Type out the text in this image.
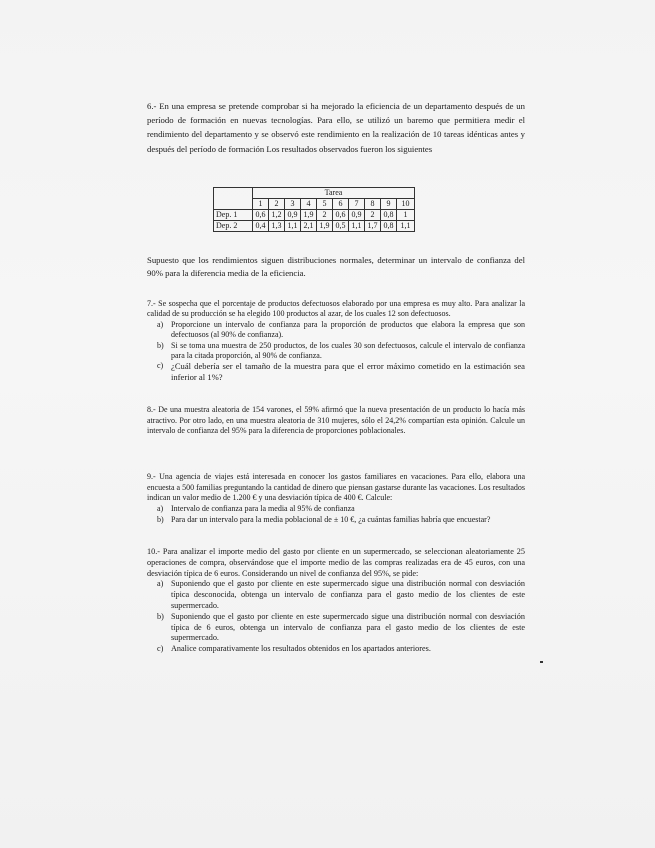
6.- En una empresa se pretende comprobar si ha mejorado la eficiencia de un departamento después de un período de formación en nuevas tecnologías. Para ello, se utilizó un baremo que permitiera medir el rendimiento del departamento y se observó este rendimiento en la realización de 10 tareas idénticas antes y después del período de formación Los resultados observados fueron los siguientes

	Tarea									
	1	2	3	4	5	6	7	8	9	10
Dep. 1	0,6	1,2	0,9	1,9	2	0,6	0,9	2	0,8	1
Dep. 2	0,4	1,3	1,1	2,1	1,9	0,5	1,1	1,7	0,8	1,1

Supuesto que los rendimientos siguen distribuciones normales, determinar un intervalo de confianza del 90% para la diferencia media de la eficiencia.

7.- Se sospecha que el porcentaje de productos defectuosos elaborado por una empresa es muy alto. Para analizar la calidad de su producción se ha elegido 100 productos al azar, de los cuales 12 son defectuosos.

a) Proporcione un intervalo de confianza para la proporción de productos que elabora la empresa que son defectuosos (al 90% de confianza).
b) Si se toma una muestra de 250 productos, de los cuales 30 son defectuosos, calcule el intervalo de confianza para la citada proporción, al 90% de confianza.
c) ¿Cuál debería ser el tamaño de la muestra para que el error máximo cometido en la estimación sea inferior al 1%?

8.- De una muestra aleatoria de 154 varones, el 59% afirmó que la nueva presentación de un producto lo hacía más atractivo. Por otro lado, en una muestra aleatoria de 310 mujeres, sólo el 24,2% compartían esta opinión. Calcule un intervalo de confianza del 95% para la diferencia de proporciones poblacionales.

9.- Una agencia de viajes está interesada en conocer los gastos familiares en vacaciones. Para ello, elabora una encuesta a 500 familias preguntando la cantidad de dinero que piensan gastarse durante las vacaciones. Los resultados indican un valor medio de 1.200 € y una desviación típica de 400 €. Calcule:

a) Intervalo de confianza para la media al 95% de confianza
b) Para dar un intervalo para la media poblacional de ± 10 €, ¿a cuántas familias habría que encuestar?

10.- Para analizar el importe medio del gasto por cliente en un supermercado, se seleccionan aleatoriamente 25 operaciones de compra, observándose que el importe medio de las compras realizadas era de 45 euros, con una desviación típica de 6 euros. Considerando un nivel de confianza del 95%, se pide:

a) Suponiendo que el gasto por cliente en este supermercado sigue una distribución normal con desviación típica desconocida, obtenga un intervalo de confianza para el gasto medio de los clientes de este supermercado.
b) Suponiendo que el gasto por cliente en este supermercado sigue una distribución normal con desviación típica de 6 euros, obtenga un intervalo de confianza para el gasto medio de los clientes de este supermercado.
c) Analice comparativamente los resultados obtenidos en los apartados anteriores.
